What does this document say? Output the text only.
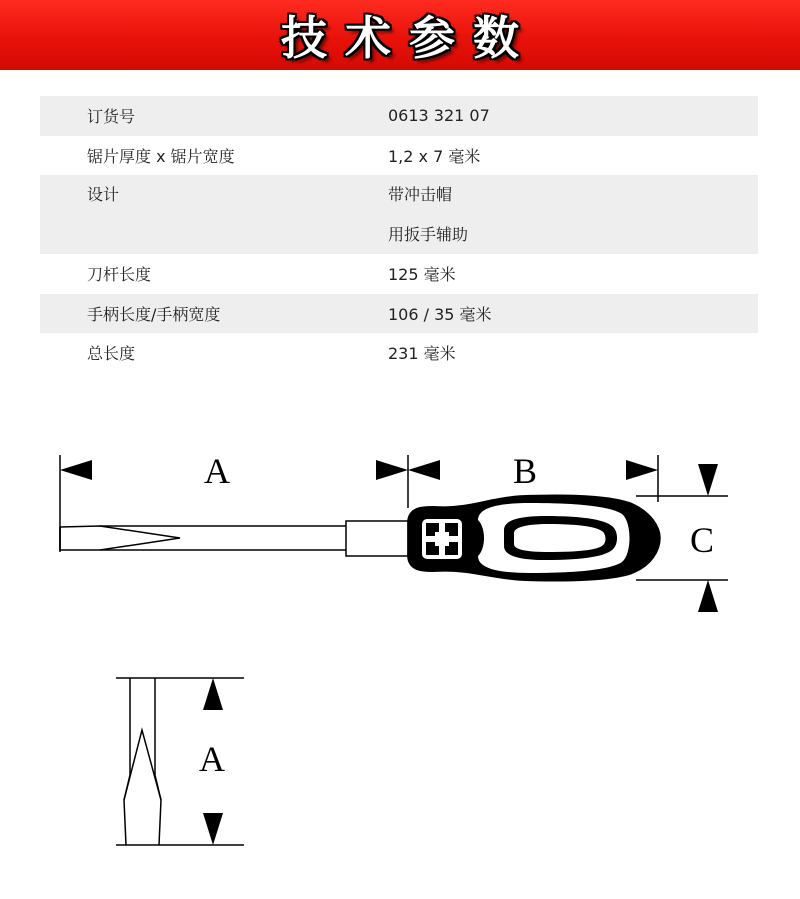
技术参数
订货号	0613 321 07
锯片厚度 x 锯片宽度	1,2 x 7 毫米
设计	带冲击帽
用扳手辅助
刀杆长度	125 毫米
手柄长度/手柄宽度	106 / 35 毫米
总长度	231 毫米
A	B
C
A
